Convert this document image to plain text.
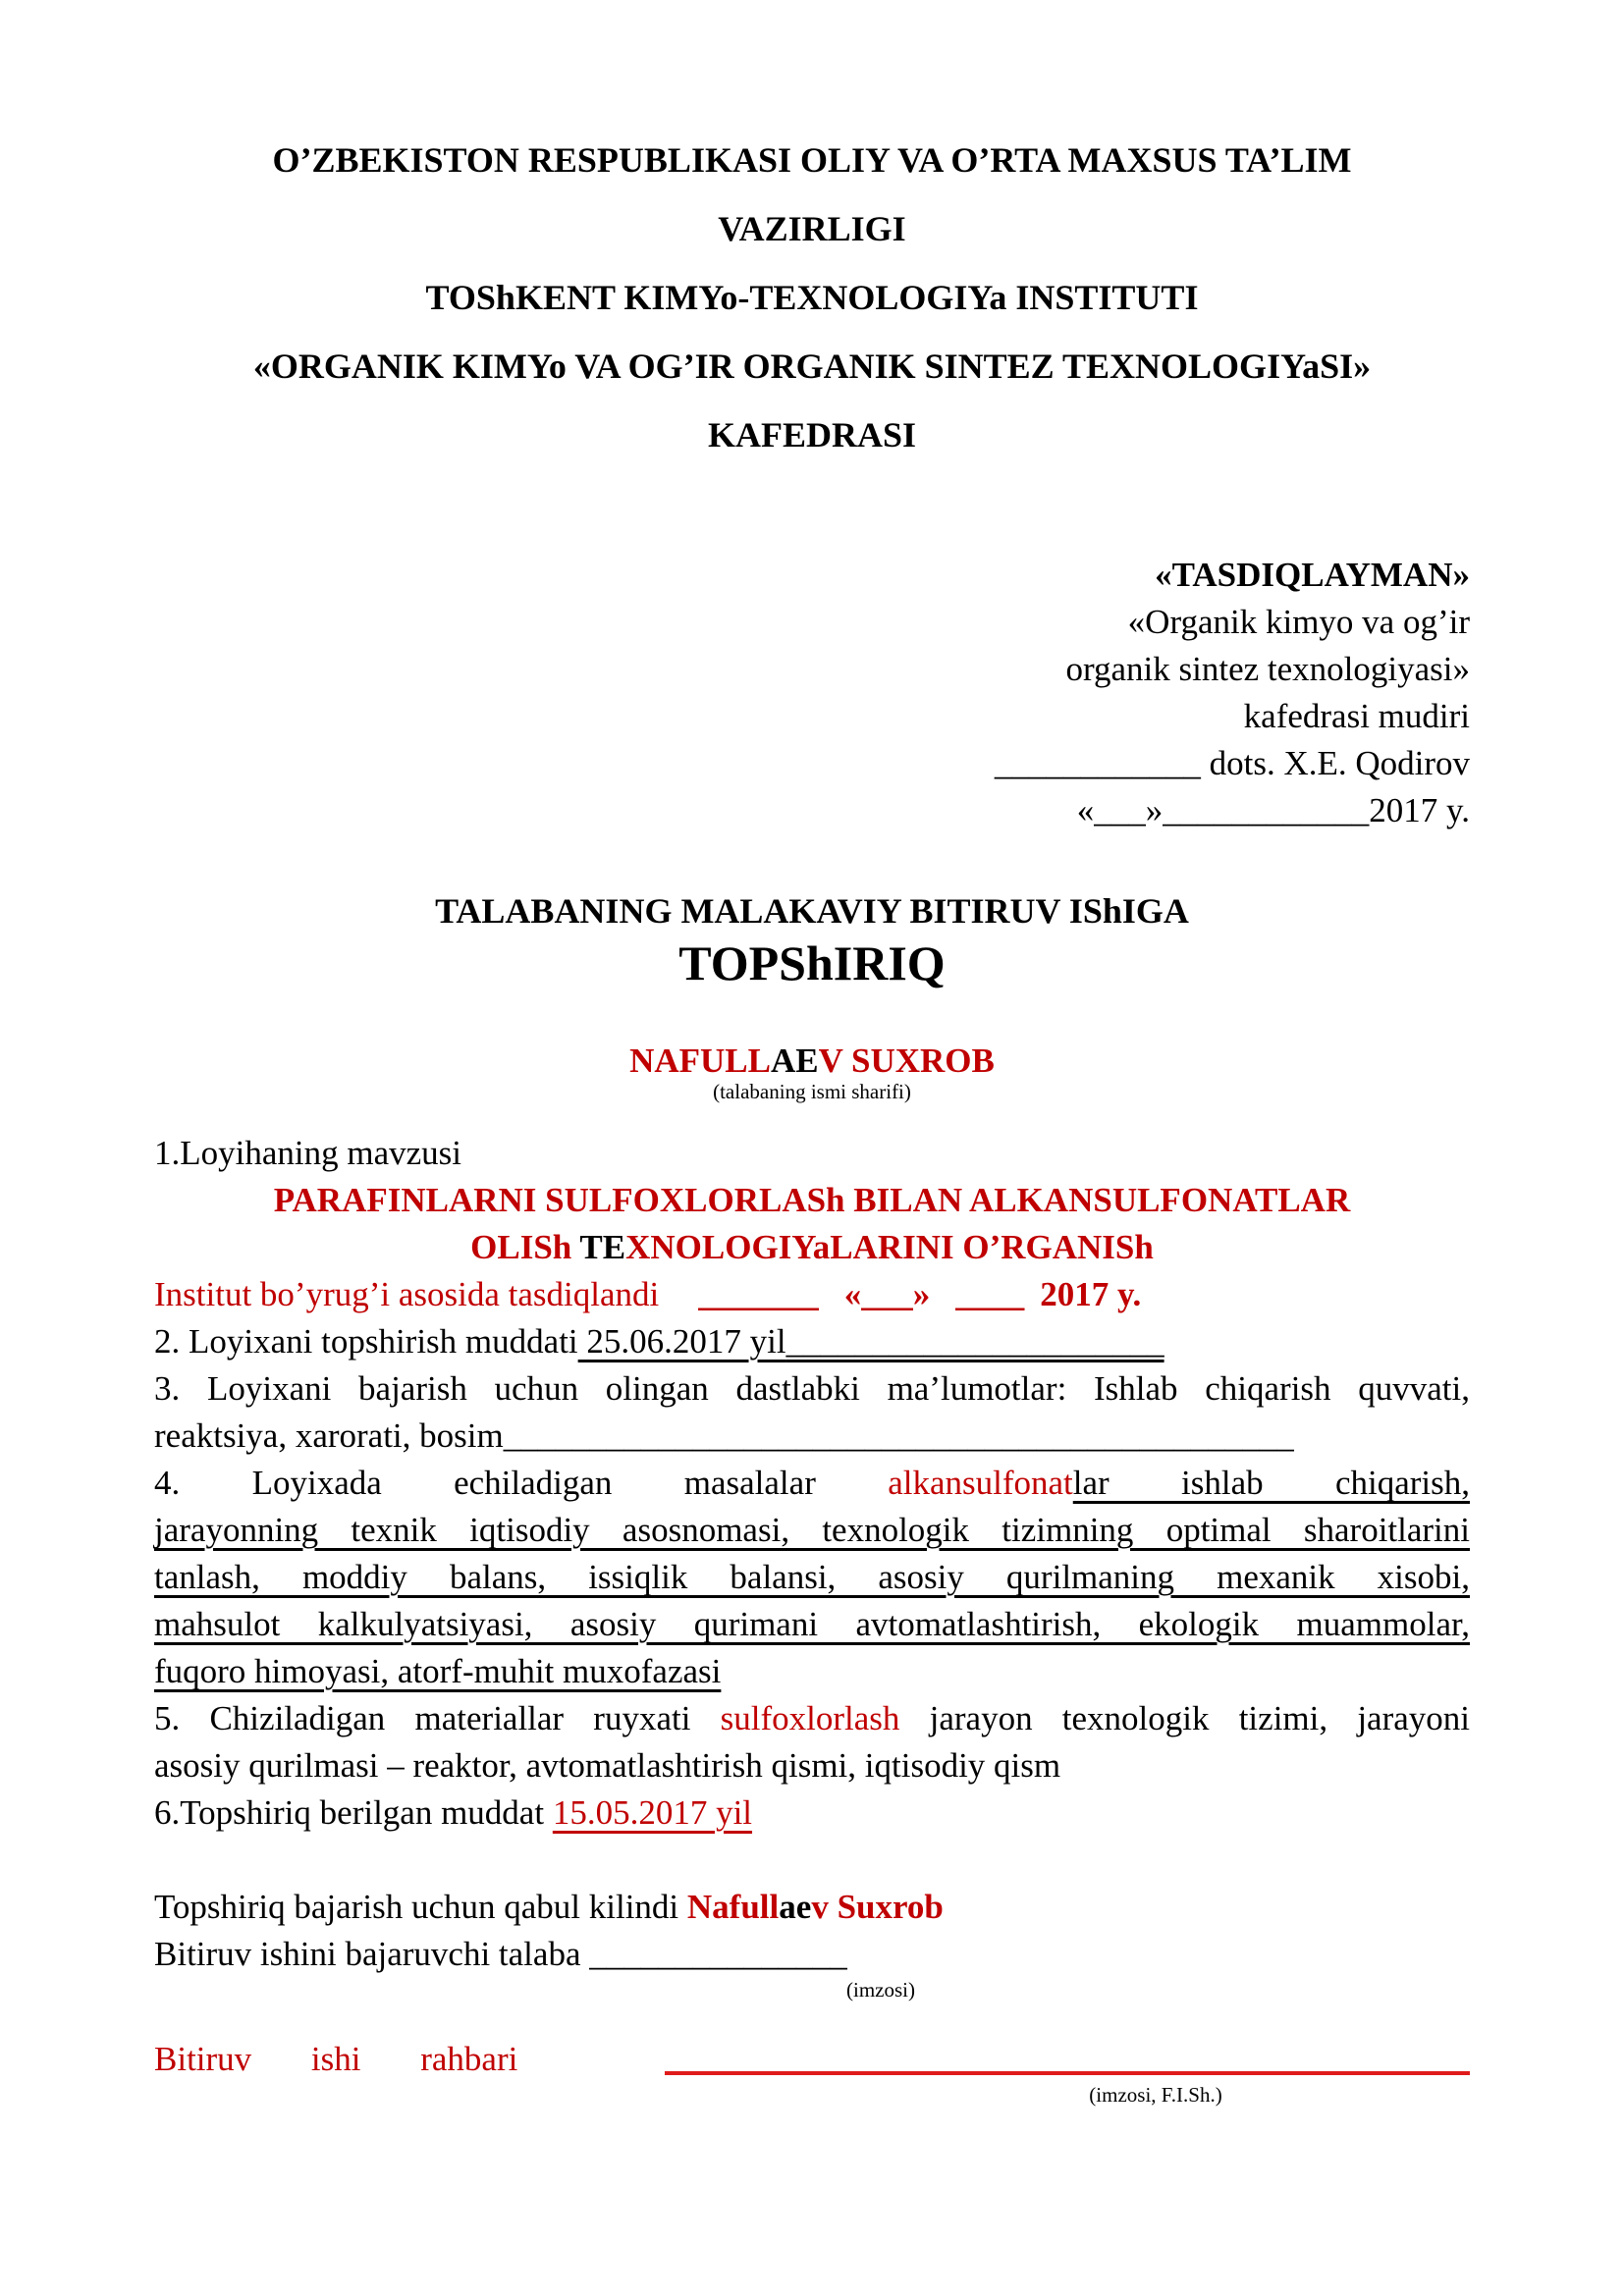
O’ZBEKISTON RESPUBLIKASI OLIY VA O’RTA MAXSUS TA’LIM
VAZIRLIGI
TOShKENT KIMYo-TEXNOLOGIYa INSTITUTI
«ORGANIK KIMYo VA OG’IR ORGANIK SINTEZ TEXNOLOGIYaSI»
KAFEDRASI
«TASDIQLAYMAN»
«Organik kimyo va og’ir
organik sintez texnologiyasi»
kafedrasi mudiri
____________ dots. X.E. Qodirov
«___»____________2017 y.
TALABANING MALAKAVIY BITIRUV IShIGA
TOPShIRIQ
NAFULLAEV SUXROB
(talabaning ismi sharifi)
1.Loyihaning mavzusi
PARAFINLARNI SULFOXLORLASh BILAN ALKANSULFONATLAR
OLISh TEXNOLOGIYaLARINI O’RGANISh
Institut bo’yrug’i asosida tasdiqlandi _______ «___» ____ 2017 y.
2. Loyixani topshirish muddati 25.06.2017 yil______________________
3. Loyixani bajarish uchun olingan dastlabki ma’lumotlar: Ishlab chiqarish quvvati,
reaktsiya, xarorati, bosim______________________________________________
4. Loyixada echiladigan masalalar alkansulfonatlar ishlab chiqarish,
jarayonning texnik iqtisodiy asosnomasi, texnologik tizimning optimal sharoitlarini
tanlash, moddiy balans, issiqlik balansi, asosiy qurilmaning mexanik xisobi,
mahsulot kalkulyatsiyasi, asosiy qurimani avtomatlashtirish, ekologik muammolar,
fuqoro himoyasi, atorf-muhit muxofazasi
5. Chiziladigan materiallar ruyxati sulfoxlorlash jarayon texnologik tizimi, jarayoni
asosiy qurilmasi – reaktor, avtomatlashtirish qismi, iqtisodiy qism
6.Topshiriq berilgan muddat 15.05.2017 yil
Topshiriq bajarish uchun qabul kilindi Nafullaev Suxrob
Bitiruv ishini bajaruvchi talaba _______________
(imzosi)
Bitiruv ishi rahbari
(imzosi, F.I.Sh.)
